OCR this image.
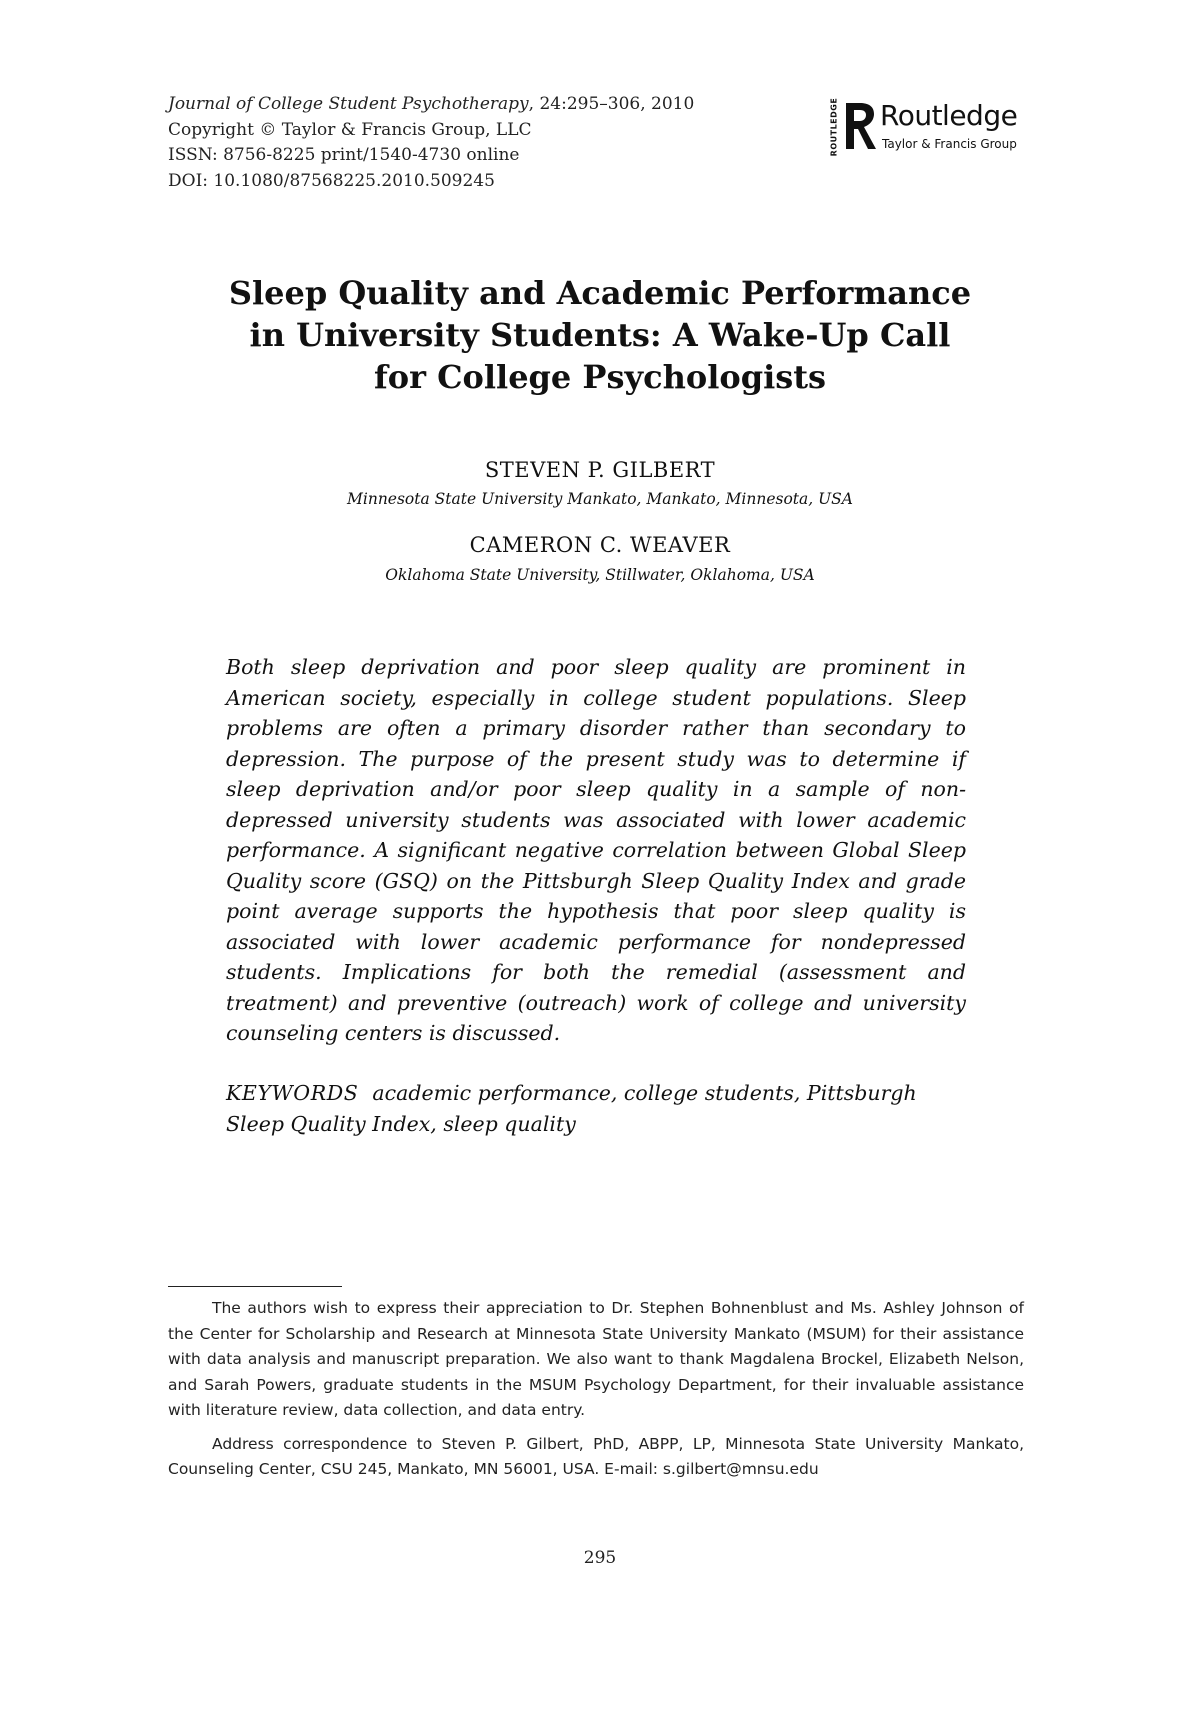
Journal of College Student Psychotherapy, 24:295–306, 2010
Copyright © Taylor & Francis Group, LLC
ISSN: 8756-8225 print/1540-4730 online
DOI: 10.1080/87568225.2010.509245
ROUTLEDGE Routledge
Taylor & Francis Group
Sleep Quality and Academic Performance
in University Students: A Wake-Up Call
for College Psychologists
STEVEN P. GILBERT
Minnesota State University Mankato, Mankato, Minnesota, USA
CAMERON C. WEAVER
Oklahoma State University, Stillwater, Oklahoma, USA
Both sleep deprivation and poor sleep quality are prominent in American society, especially in college student populations. Sleep problems are often a primary disorder rather than secondary to depression. The purpose of the present study was to determine if sleep deprivation and/or poor sleep quality in a sample of non-depressed university students was associated with lower academic performance. A significant negative correlation between Global Sleep Quality score (GSQ) on the Pittsburgh Sleep Quality Index and grade point average supports the hypothesis that poor sleep quality is associated with lower academic performance for nondepressed students. Implications for both the remedial (assessment and treatment) and preventive (outreach) work of college and university counseling centers is discussed.
KEYWORDS academic performance, college students, Pittsburgh Sleep Quality Index, sleep quality

The authors wish to express their appreciation to Dr. Stephen Bohnenblust and Ms. Ashley Johnson of the Center for Scholarship and Research at Minnesota State University Mankato (MSUM) for their assistance with data analysis and manuscript preparation. We also want to thank Magdalena Brockel, Elizabeth Nelson, and Sarah Powers, graduate students in the MSUM Psychology Department, for their invaluable assistance with literature review, data collection, and data entry.

Address correspondence to Steven P. Gilbert, PhD, ABPP, LP, Minnesota State University Mankato, Counseling Center, CSU 245, Mankato, MN 56001, USA. E-mail: s.gilbert@mnsu.edu

295
